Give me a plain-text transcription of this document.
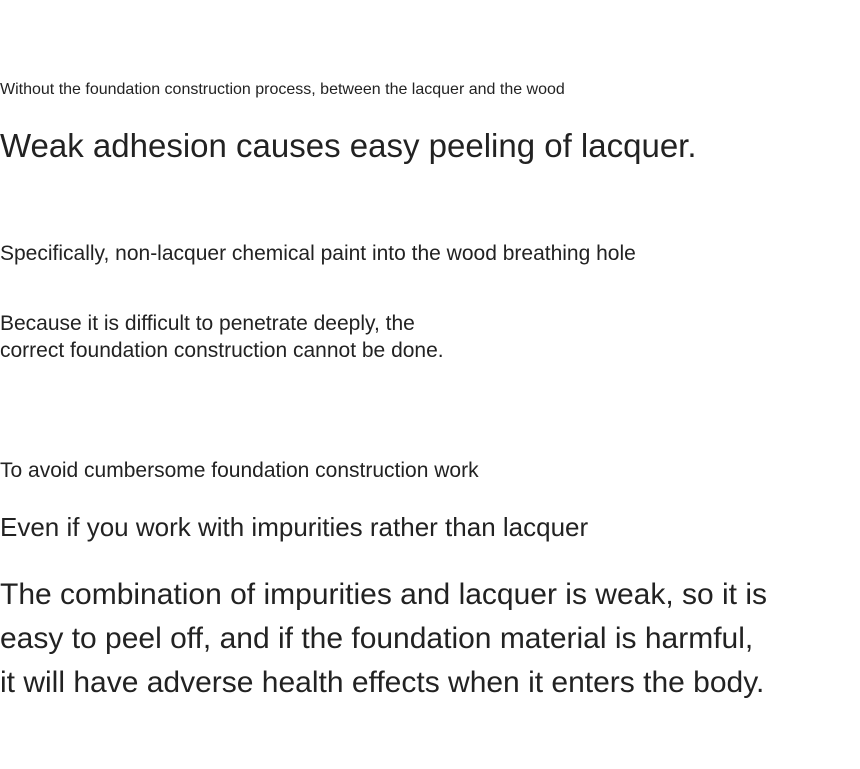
Without the foundation construction process, between the lacquer and the wood

Weak adhesion causes easy peeling of lacquer.

Specifically, non-lacquer chemical paint into the wood breathing hole

Because it is difficult to penetrate deeply, the
correct foundation construction cannot be done.

To avoid cumbersome foundation construction work

Even if you work with impurities rather than lacquer

The combination of impurities and lacquer is weak, so it is
easy to peel off, and if the foundation material is harmful,
it will have adverse health effects when it enters the body.
